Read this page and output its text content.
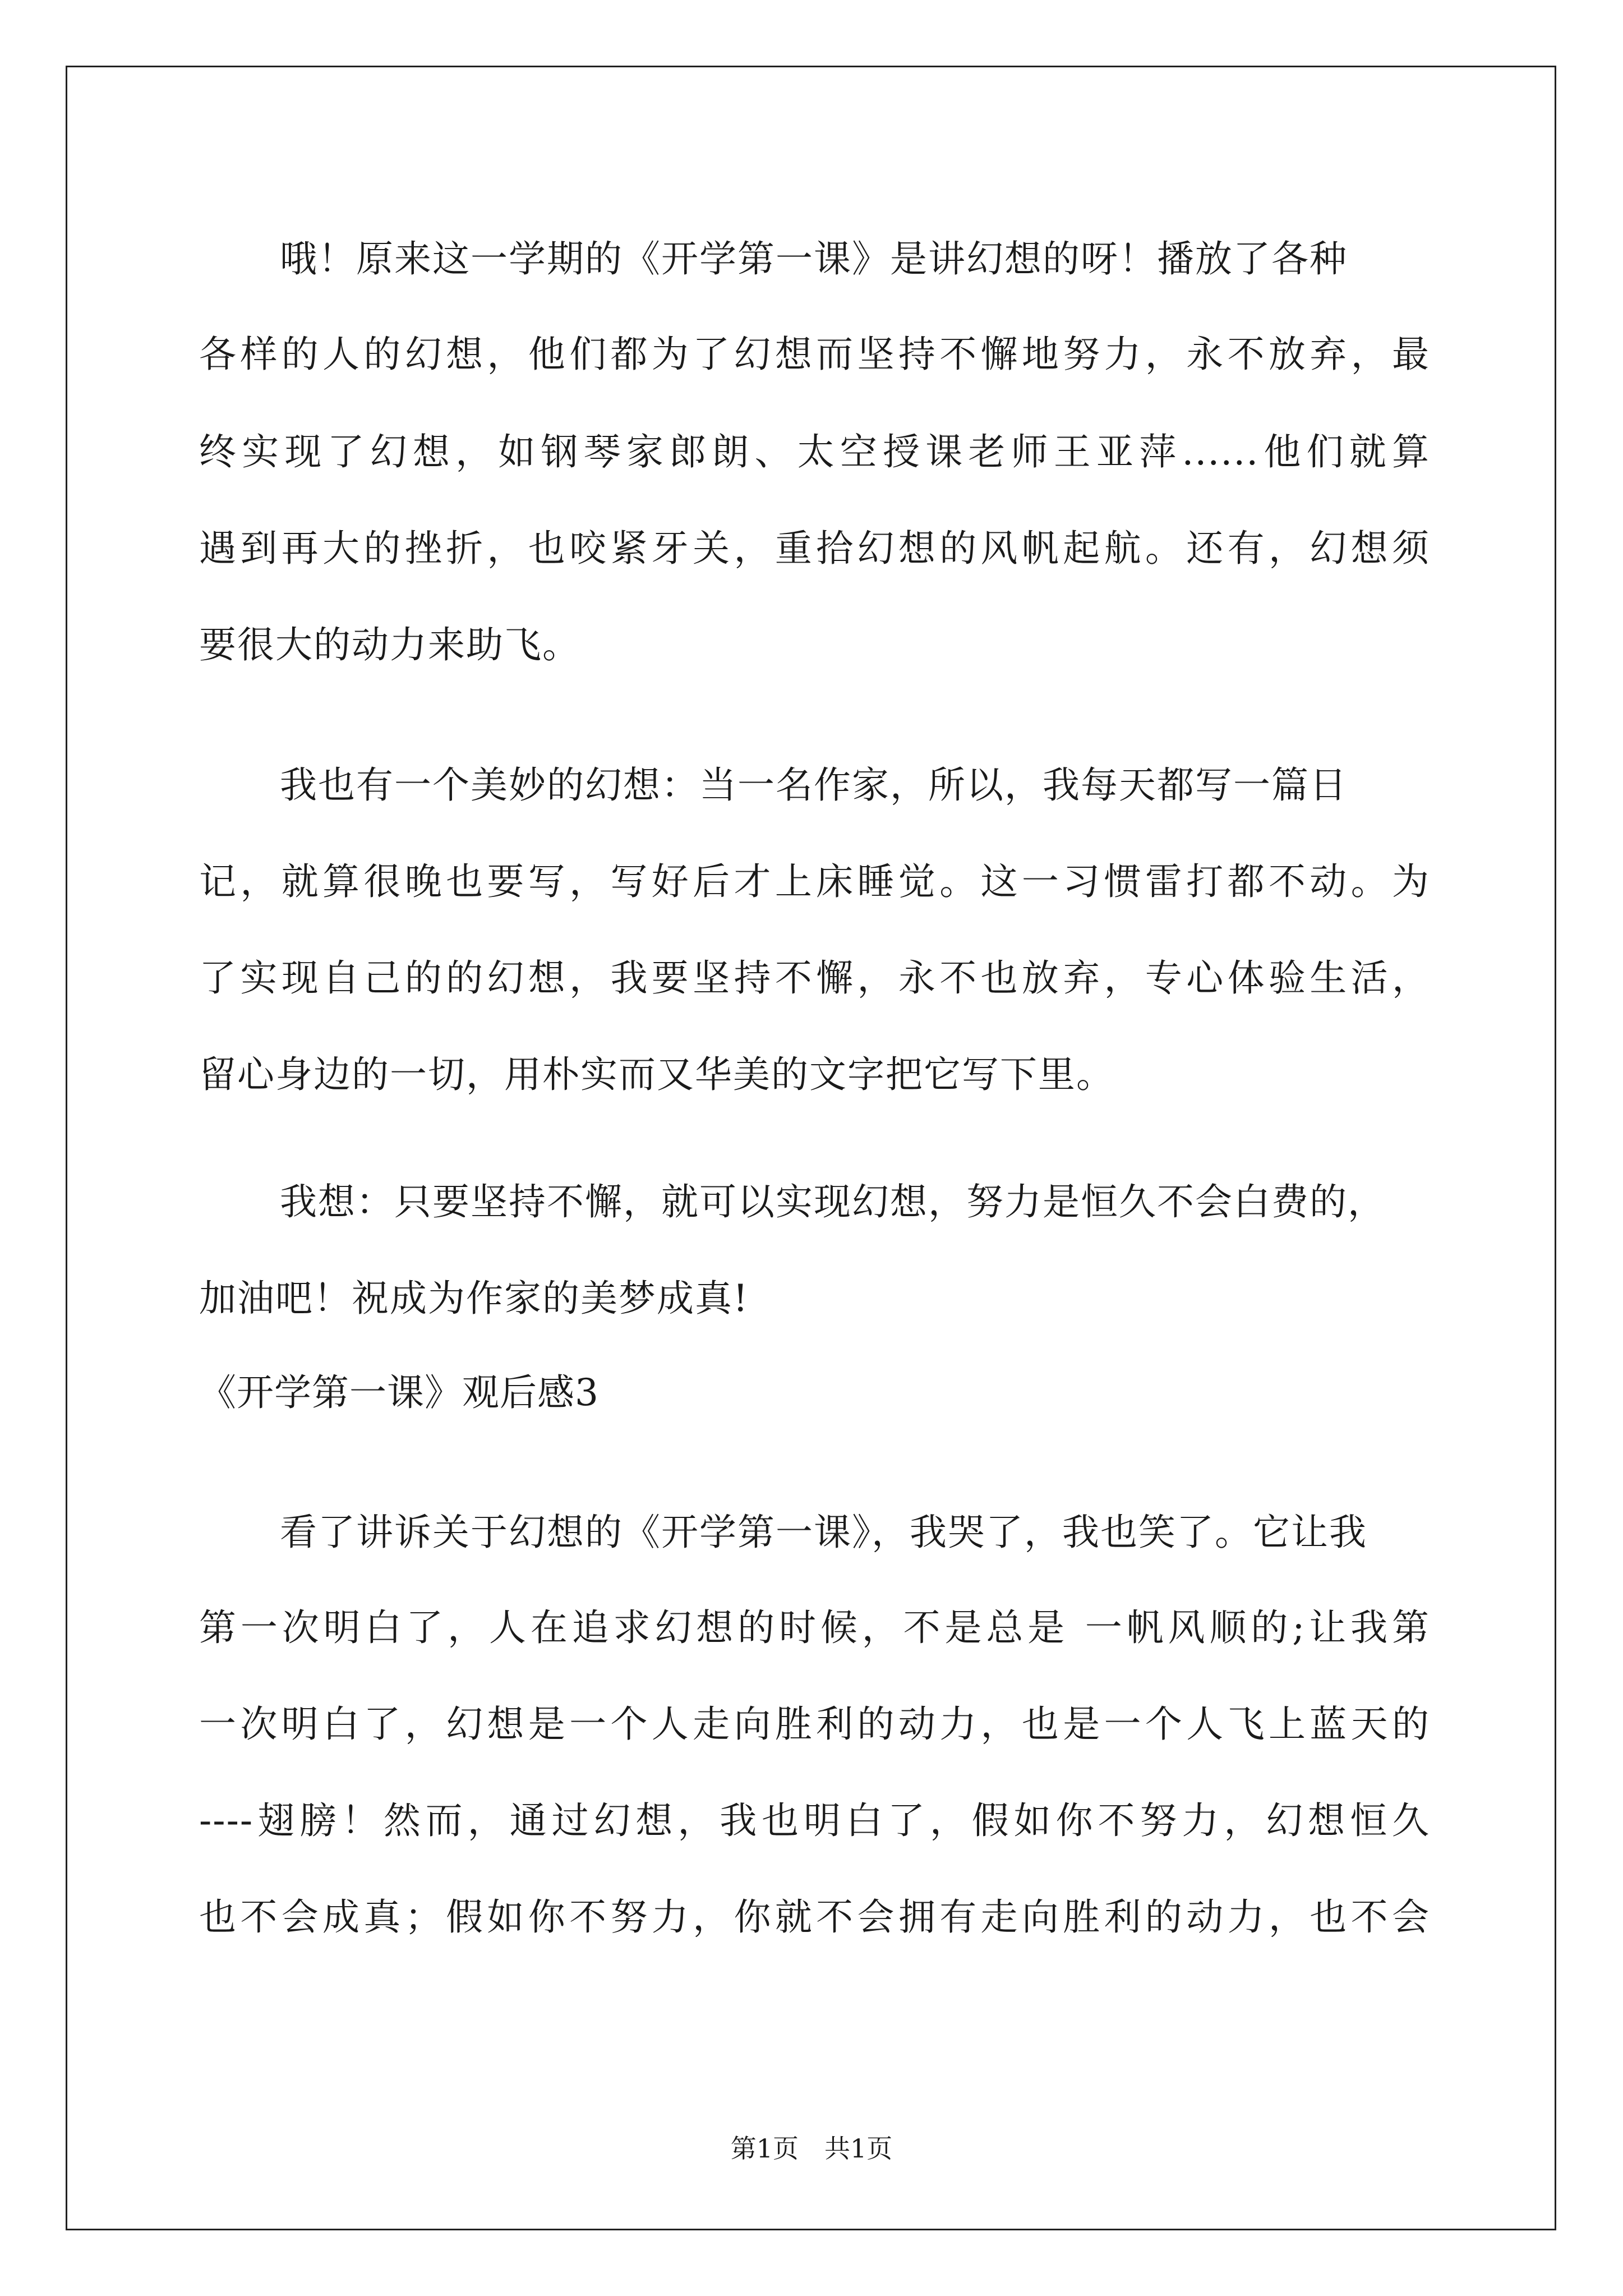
哦！原来这一学期的《开学第一课》是讲幻想的呀！播放了各种
各样的人的幻想，他们都为了幻想而坚持不懈地努力，永不放弃，最
终实现了幻想，如钢琴家郎朗、太空授课老师王亚萍......他们就算
遇到再大的挫折，也咬紧牙关，重拾幻想的风帆起航。还有，幻想须
要很大的动力来助飞。
我也有一个美妙的幻想：当一名作家，所以，我每天都写一篇日
记，就算很晚也要写，写好后才上床睡觉。这一习惯雷打都不动。为
了实现自己的的幻想，我要坚持不懈，永不也放弃，专心体验生活，
留心身边的一切，用朴实而又华美的文字把它写下里。
我想：只要坚持不懈，就可以实现幻想，努力是恒久不会白费的，
加油吧！祝成为作家的美梦成真!
《开学第一课》观后感3
看了讲诉关于幻想的《开学第一课》，我哭了，我也笑了。它让我
第一次明白了，人在追求幻想的时候，不是总是 一帆风顺的;让我第
一次明白了，幻想是一个人走向胜利的动力，也是一个人飞上蓝天的
----翅膀！然而，通过幻想，我也明白了，假如你不努力，幻想恒久
也不会成真；假如你不努力，你就不会拥有走向胜利的动力，也不会
第1页　共1页
